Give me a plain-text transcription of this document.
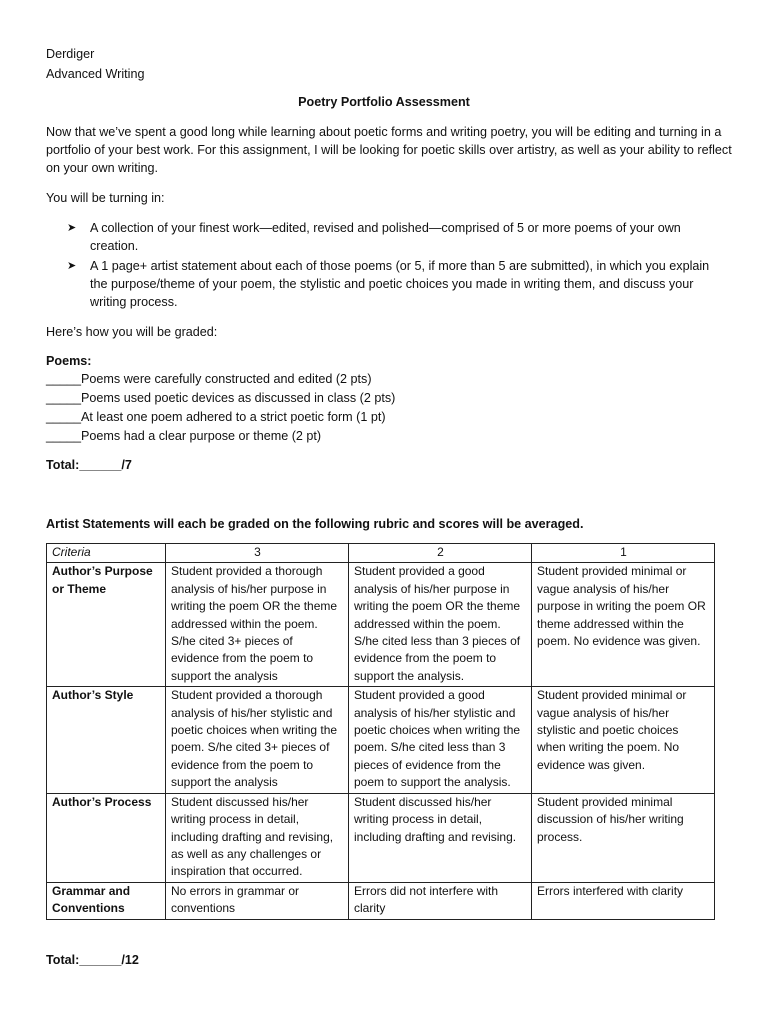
Derdiger
Advanced Writing
Poetry Portfolio Assessment
Now that we’ve spent a good long while learning about poetic forms and writing poetry, you will be editing and turning in a portfolio of your best work. For this assignment, I will be looking for poetic skills over artistry, as well as your ability to reflect on your own writing.
You will be turning in:
➤ A collection of your finest work—edited, revised and polished—comprised of 5 or more poems of your own creation.
➤ A 1 page+ artist statement about each of those poems (or 5, if more than 5 are submitted), in which you explain the purpose/theme of your poem, the stylistic and poetic choices you made in writing them, and discuss your writing process.
Here’s how you will be graded:
Poems:
_____Poems were carefully constructed and edited (2 pts)
_____Poems used poetic devices as discussed in class (2 pts)
_____At least one poem adhered to a strict poetic form (1 pt)
_____Poems had a clear purpose or theme (2 pt)
Total:______/7
Artist Statements will each be graded on the following rubric and scores will be averaged.
Criteria	3	2	1
Author’s Purpose or Theme	Student provided a thorough analysis of his/her purpose in writing the poem OR the theme addressed within the poem. S/he cited 3+ pieces of evidence from the poem to support the analysis	Student provided a good analysis of his/her purpose in writing the poem OR the theme addressed within the poem. S/he cited less than 3 pieces of evidence from the poem to support the analysis.	Student provided minimal or vague analysis of his/her purpose in writing the poem OR theme addressed within the poem. No evidence was given.
Author’s Style	Student provided a thorough analysis of his/her stylistic and poetic choices when writing the poem. S/he cited 3+ pieces of evidence from the poem to support the analysis	Student provided a good analysis of his/her stylistic and poetic choices when writing the poem. S/he cited less than 3 pieces of evidence from the poem to support the analysis.	Student provided minimal or vague analysis of his/her stylistic and poetic choices when writing the poem. No evidence was given.
Author’s Process	Student discussed his/her writing process in detail, including drafting and revising, as well as any challenges or inspiration that occurred.	Student discussed his/her writing process in detail, including drafting and revising.	Student provided minimal discussion of his/her writing process.
Grammar and Conventions	No errors in grammar or conventions	Errors did not interfere with clarity	Errors interfered with clarity
Total:______/12
